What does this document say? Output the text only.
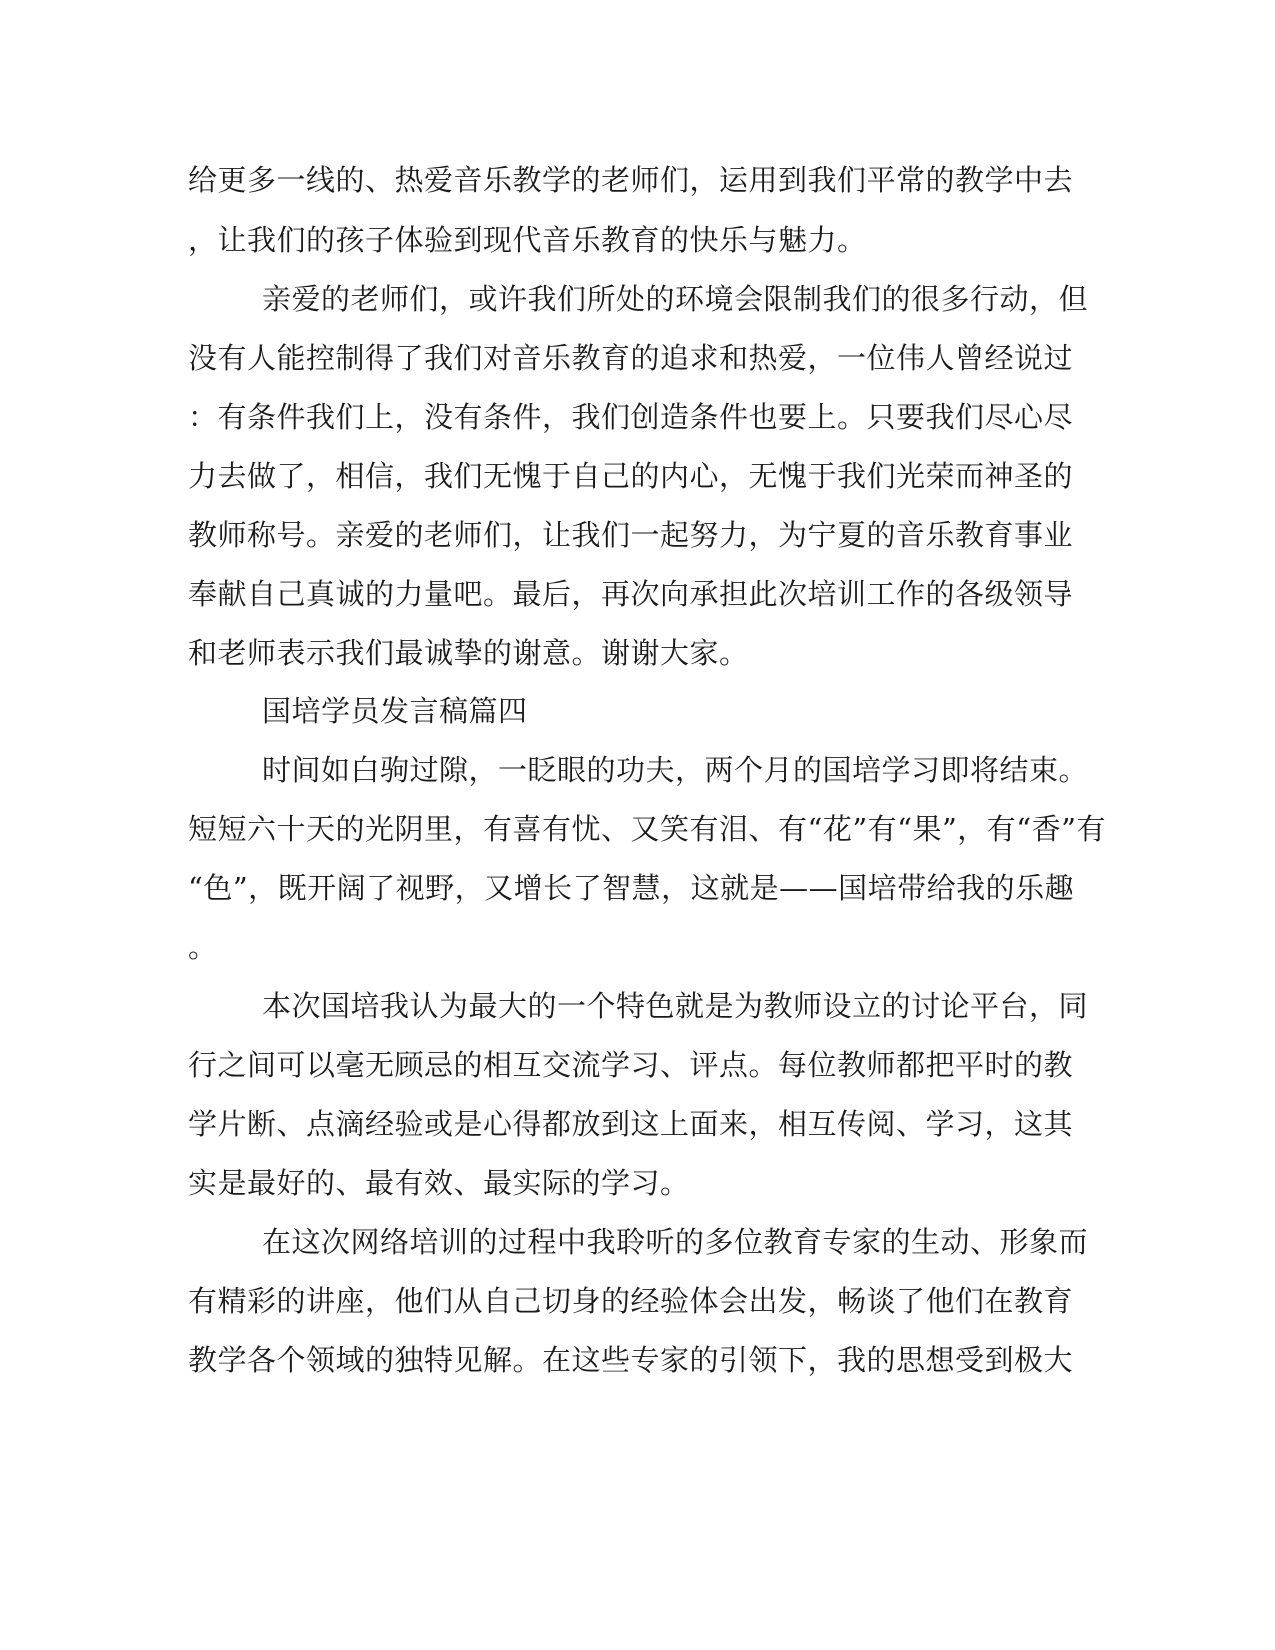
给更多一线的、热爱音乐教学的老师们，运用到我们平常的教学中去
，让我们的孩子体验到现代音乐教育的快乐与魅力。
亲爱的老师们，或许我们所处的环境会限制我们的很多行动，但
没有人能控制得了我们对音乐教育的追求和热爱，一位伟人曾经说过
：有条件我们上，没有条件，我们创造条件也要上。只要我们尽心尽
力去做了，相信，我们无愧于自己的内心，无愧于我们光荣而神圣的
教师称号。亲爱的老师们，让我们一起努力，为宁夏的音乐教育事业
奉献自己真诚的力量吧。最后，再次向承担此次培训工作的各级领导
和老师表示我们最诚挚的谢意。谢谢大家。
国培学员发言稿篇四
时间如白驹过隙，一眨眼的功夫，两个月的国培学习即将结束。
短短六十天的光阴里，有喜有忧、又笑有泪、有“花”有“果”，有“香”有
“色”，既开阔了视野，又增长了智慧，这就是——国培带给我的乐趣
。
本次国培我认为最大的一个特色就是为教师设立的讨论平台，同
行之间可以毫无顾忌的相互交流学习、评点。每位教师都把平时的教
学片断、点滴经验或是心得都放到这上面来，相互传阅、学习，这其
实是最好的、最有效、最实际的学习。
在这次网络培训的过程中我聆听的多位教育专家的生动、形象而
有精彩的讲座，他们从自己切身的经验体会出发，畅谈了他们在教育
教学各个领域的独特见解。在这些专家的引领下，我的思想受到极大
